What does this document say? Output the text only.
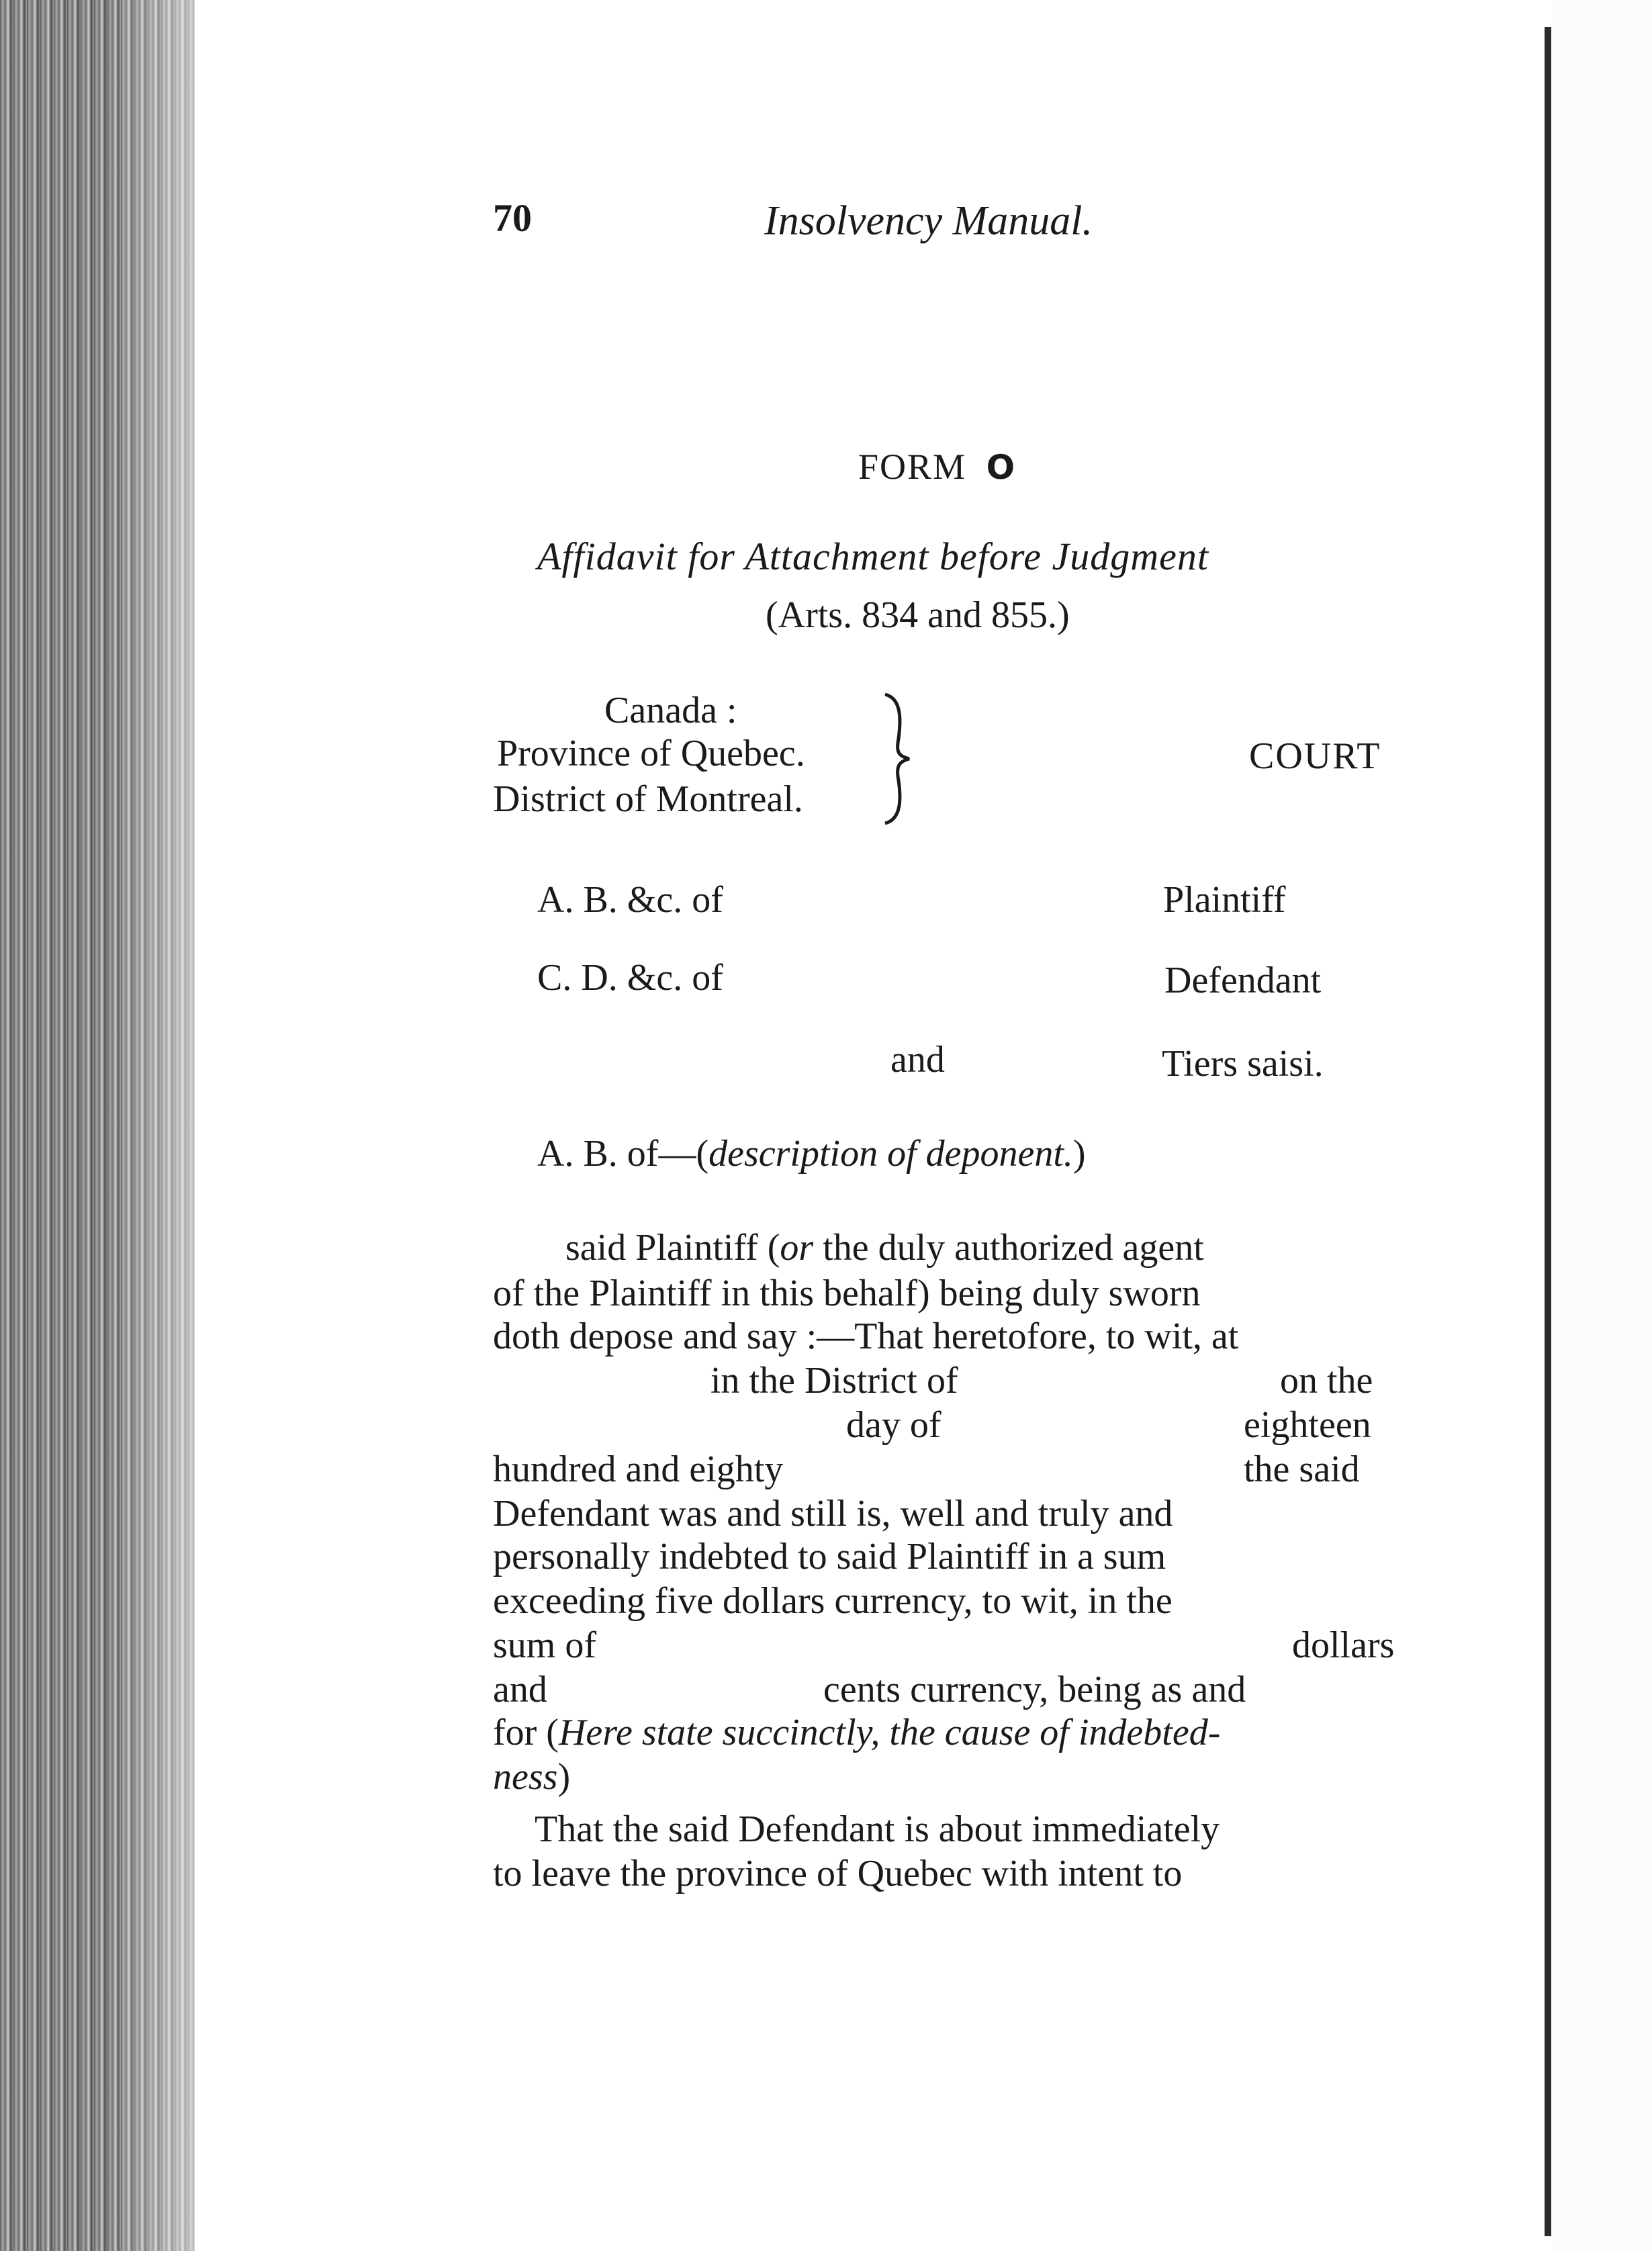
70	Insolvency Manual.
FORM O
Affidavit for Attachment before Judgment
(Arts. 834 and 855.)
Canada :
Province of Quebec.
District of Montreal.
COURT
A. B. &c. of	Plaintiff
C. D. &c. of	Defendant
and	Tiers saisi.
A. B. of—(description of deponent.)
said Plaintiff (or the duly authorized agent
of the Plaintiff in this behalf) being duly sworn
doth depose and say :—That heretofore, to wit, at
in the District of	on the
day of	eighteen
hundred and eighty	the said
Defendant was and still is, well and truly and
personally indebted to said Plaintiff in a sum
exceeding five dollars currency, to wit, in the
sum of	dollars
and	cents currency, being as and
for (Here state succinctly, the cause of indebted-
ness)
That the said Defendant is about immediately
to leave the province of Quebec with intent to
